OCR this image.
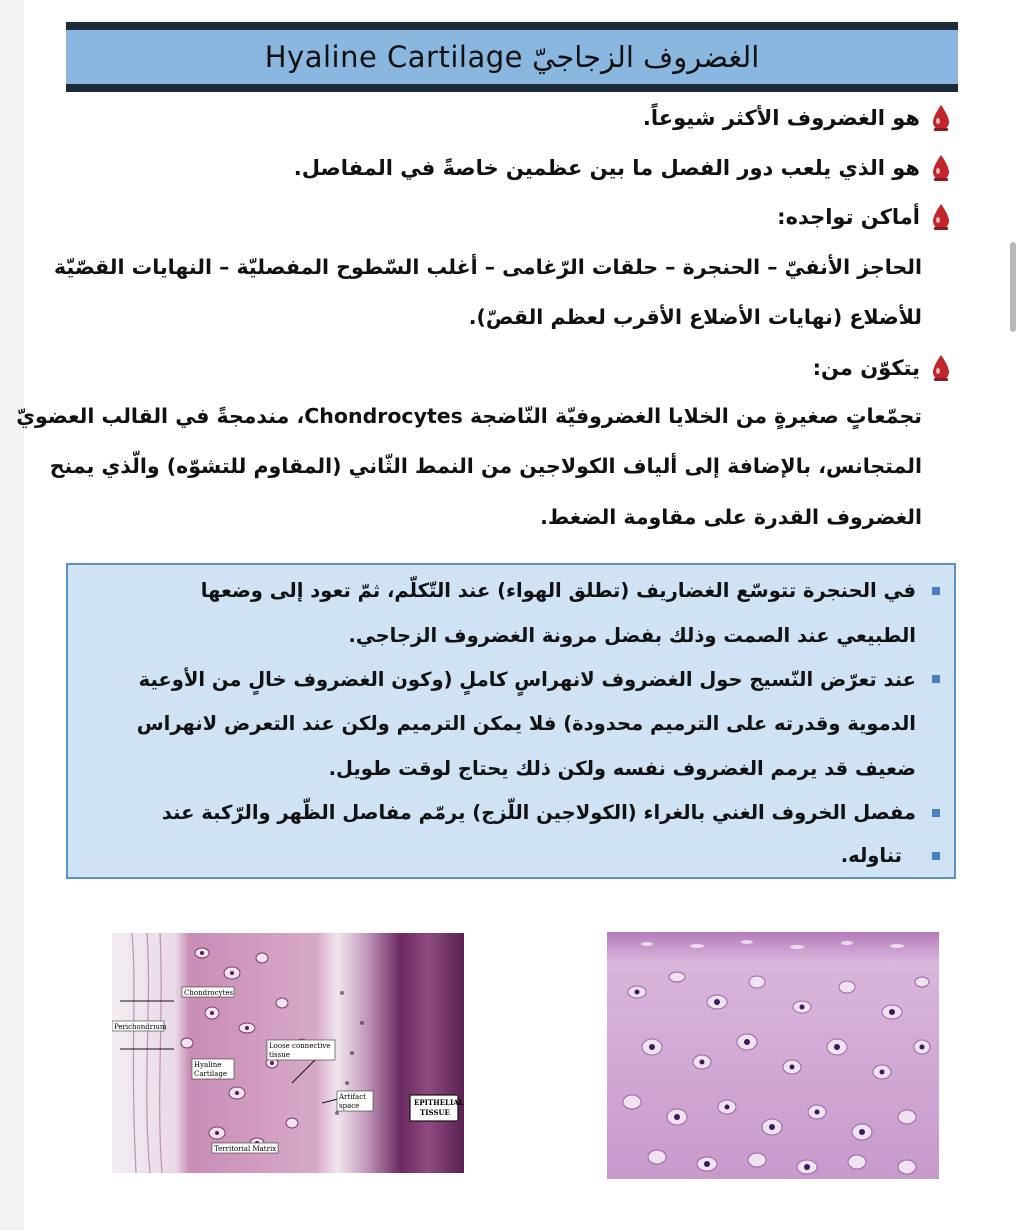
الغضروف الزجاجيّ Hyaline Cartilage
هو الغضروف الأكثر شيوعاً.
هو الذي يلعب دور الفصل ما بين عظمين خاصةً في المفاصل.
أماكن تواجده:
الحاجز الأنفيّ – الحنجرة – حلقات الرّغامى – أغلب السّطوح المفصليّة – النهايات القصّيّة
للأضلاع (نهايات الأضلاع الأقرب لعظم القصّ).
يتكوّن من:
تجمّعاتٍ صغيرةٍ من الخلايا الغضروفيّة النّاضجة Chondrocytes، مندمجةً في القالب العضويّ
المتجانس، بالإضافة إلى ألياف الكولاجين من النمط الثّاني (المقاوم للتشوّه) والّذي يمنح
الغضروف القدرة على مقاومة الضغط.
في الحنجرة تتوسّع الغضاريف (تطلق الهواء) عند التّكلّم، ثمّ تعود إلى وضعها
الطبيعي عند الصمت وذلك بفضل مرونة الغضروف الزجاجي.
عند تعرّض النّسيج حول الغضروف لانهراسٍ كاملٍ (وكون الغضروف خالٍ من الأوعية
الدموية وقدرته على الترميم محدودة) فلا يمكن الترميم ولكن عند التعرض لانهراس
ضعيف قد يرمم الغضروف نفسه ولكن ذلك يحتاج لوقت طويل.
مفصل الخروف الغني بالغراء (الكولاجين اللّزج) يرمّم مفاصل الظّهر والرّكبة عند
تناوله.
Chondrocytes
Perichondrium
Loose connective
tissue
Hyaline
Cartilage
Artifact
space	EPITHELIAL
TISSUE
Territorial Matrix
